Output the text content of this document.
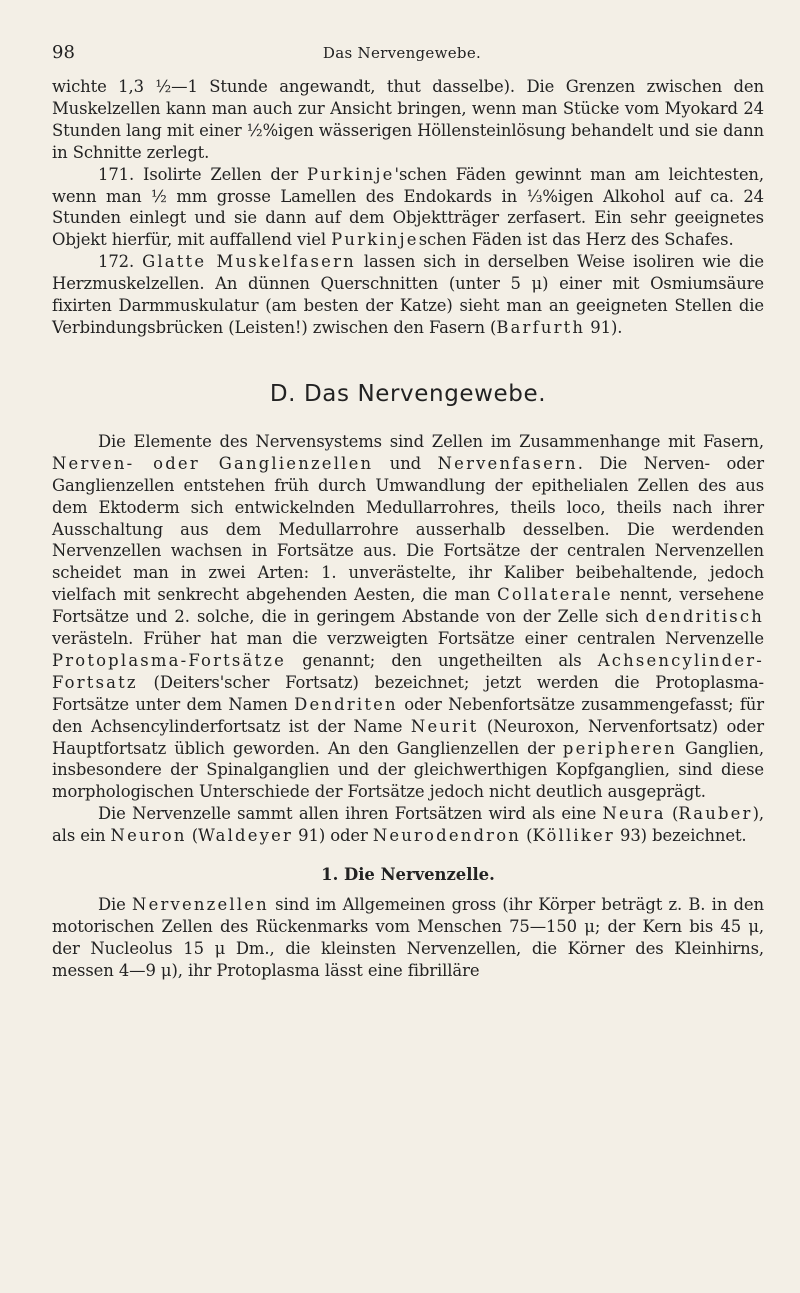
98	Das Nervengewebe.

wichte 1,3 ½—1 Stunde angewandt, thut dasselbe). Die Grenzen zwischen den Muskelzellen kann man auch zur Ansicht bringen, wenn man Stücke vom Myokard 24 Stunden lang mit einer ½%igen wässerigen Höllensteinlösung behandelt und sie dann in Schnitte zerlegt.

171. Isolirte Zellen der Purkinje'schen Fäden gewinnt man am leichtesten, wenn man ½ mm grosse Lamellen des Endokards in ⅓%igen Alkohol auf ca. 24 Stunden einlegt und sie dann auf dem Objektträger zerfasert. Ein sehr geeignetes Objekt hierfür, mit auffallend viel Purkinjeschen Fäden ist das Herz des Schafes.

172. Glatte Muskelfasern lassen sich in derselben Weise isoliren wie die Herzmuskelzellen. An dünnen Querschnitten (unter 5 μ) einer mit Osmiumsäure fixirten Darmmuskulatur (am besten der Katze) sieht man an geeigneten Stellen die Verbindungsbrücken (Leisten!) zwischen den Fasern (Barfurth 91).

D. Das Nervengewebe.

Die Elemente des Nervensystems sind Zellen im Zusammenhange mit Fasern, Nerven- oder Ganglienzellen und Nervenfasern. Die Nerven- oder Ganglienzellen entstehen früh durch Umwandlung der epithelialen Zellen des aus dem Ektoderm sich entwickelnden Medullarrohres, theils loco, theils nach ihrer Ausschaltung aus dem Medullarrohre ausserhalb desselben. Die werdenden Nervenzellen wachsen in Fortsätze aus. Die Fortsätze der centralen Nervenzellen scheidet man in zwei Arten: 1. unverästelte, ihr Kaliber beibehaltende, jedoch vielfach mit senkrecht abgehenden Aesten, die man Collaterale nennt, versehene Fortsätze und 2. solche, die in geringem Abstande von der Zelle sich dendritisch verästeln. Früher hat man die verzweigten Fortsätze einer centralen Nervenzelle Protoplasma-Fortsätze genannt; den ungetheilten als Achsencylinder-Fortsatz (Deiters'scher Fortsatz) bezeichnet; jetzt werden die Protoplasma-Fortsätze unter dem Namen Dendriten oder Nebenfortsätze zusammengefasst; für den Achsencylinderfortsatz ist der Name Neurit (Neuroxon, Nervenfortsatz) oder Hauptfortsatz üblich geworden. An den Ganglienzellen der peripheren Ganglien, insbesondere der Spinalganglien und der gleichwerthigen Kopfganglien, sind diese morphologischen Unterschiede der Fortsätze jedoch nicht deutlich ausgeprägt.

Die Nervenzelle sammt allen ihren Fortsätzen wird als eine Neura (Rauber), als ein Neuron (Waldeyer 91) oder Neurodendron (Kölliker 93) bezeichnet.

1. Die Nervenzelle.

Die Nervenzellen sind im Allgemeinen gross (ihr Körper beträgt z. B. in den motorischen Zellen des Rückenmarks vom Menschen 75—150 μ; der Kern bis 45 μ, der Nucleolus 15 μ Dm., die kleinsten Nervenzellen, die Körner des Kleinhirns, messen 4—9 μ), ihr Protoplasma lässt eine fibrilläre
